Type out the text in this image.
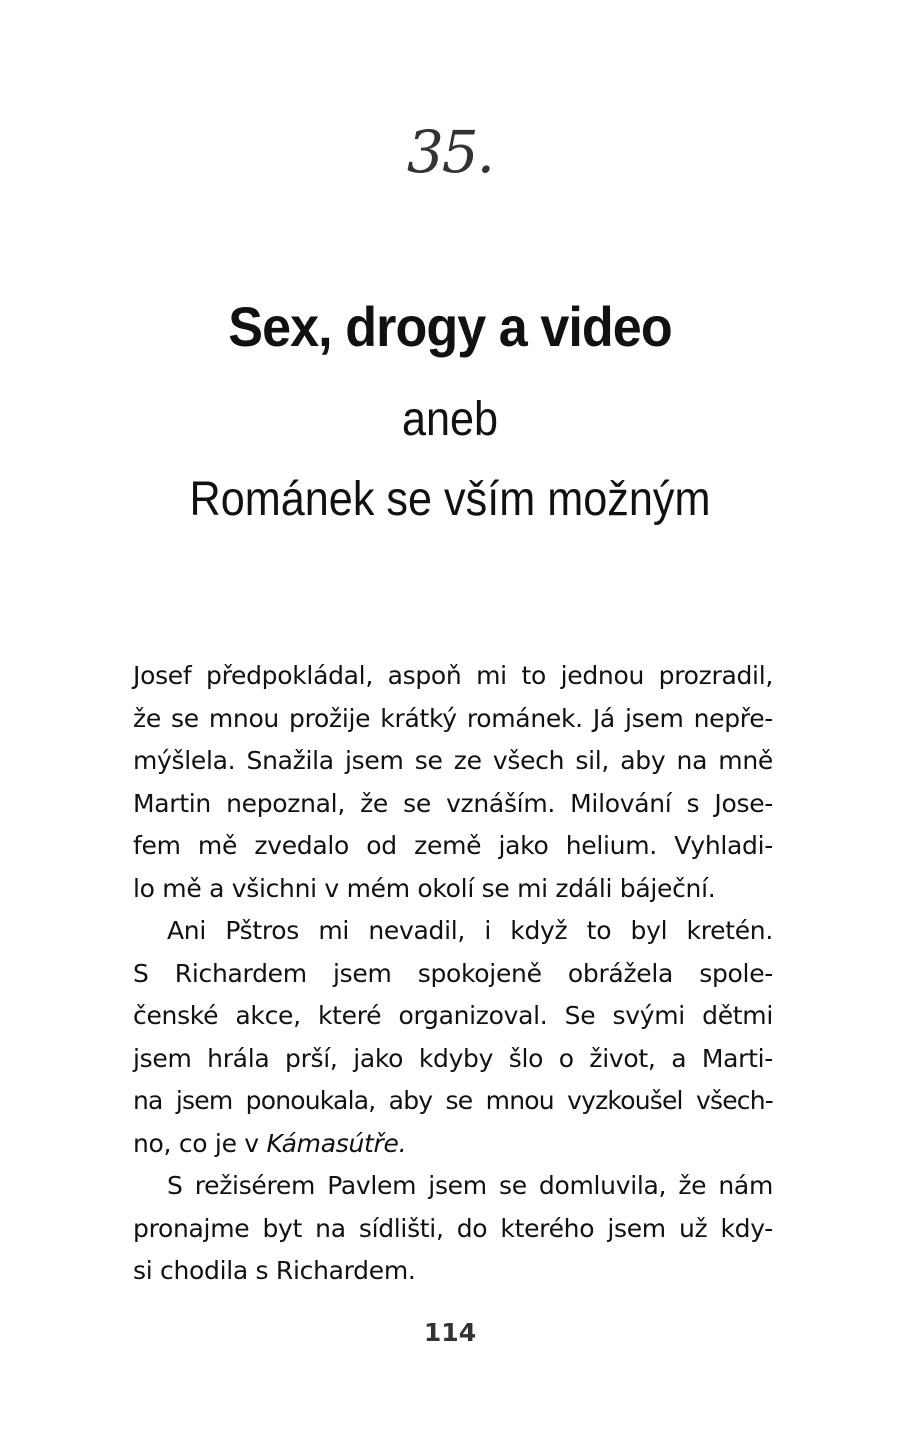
35.
Sex, drogy a video
aneb
Románek se vším možným
Josef předpokládal, aspoň mi to jednou prozradil,
že se mnou prožije krátký románek. Já jsem nepře-
mýšlela. Snažila jsem se ze všech sil, aby na mně
Martin nepoznal, že se vznáším. Milování s Jose-
fem mě zvedalo od země jako helium. Vyhladi-
lo mě a všichni v mém okolí se mi zdáli báječní.
Ani Pštros mi nevadil, i když to byl kretén.
S Richardem jsem spokojeně obrážela spole-
čenské akce, které organizoval. Se svými dětmi
jsem hrála prší, jako kdyby šlo o život, a Marti-
na jsem ponoukala, aby se mnou vyzkoušel všech-
no, co je v Kámasútře.
S režisérem Pavlem jsem se domluvila, že nám
pronajme byt na sídlišti, do kterého jsem už kdy-
si chodila s Richardem.
114
